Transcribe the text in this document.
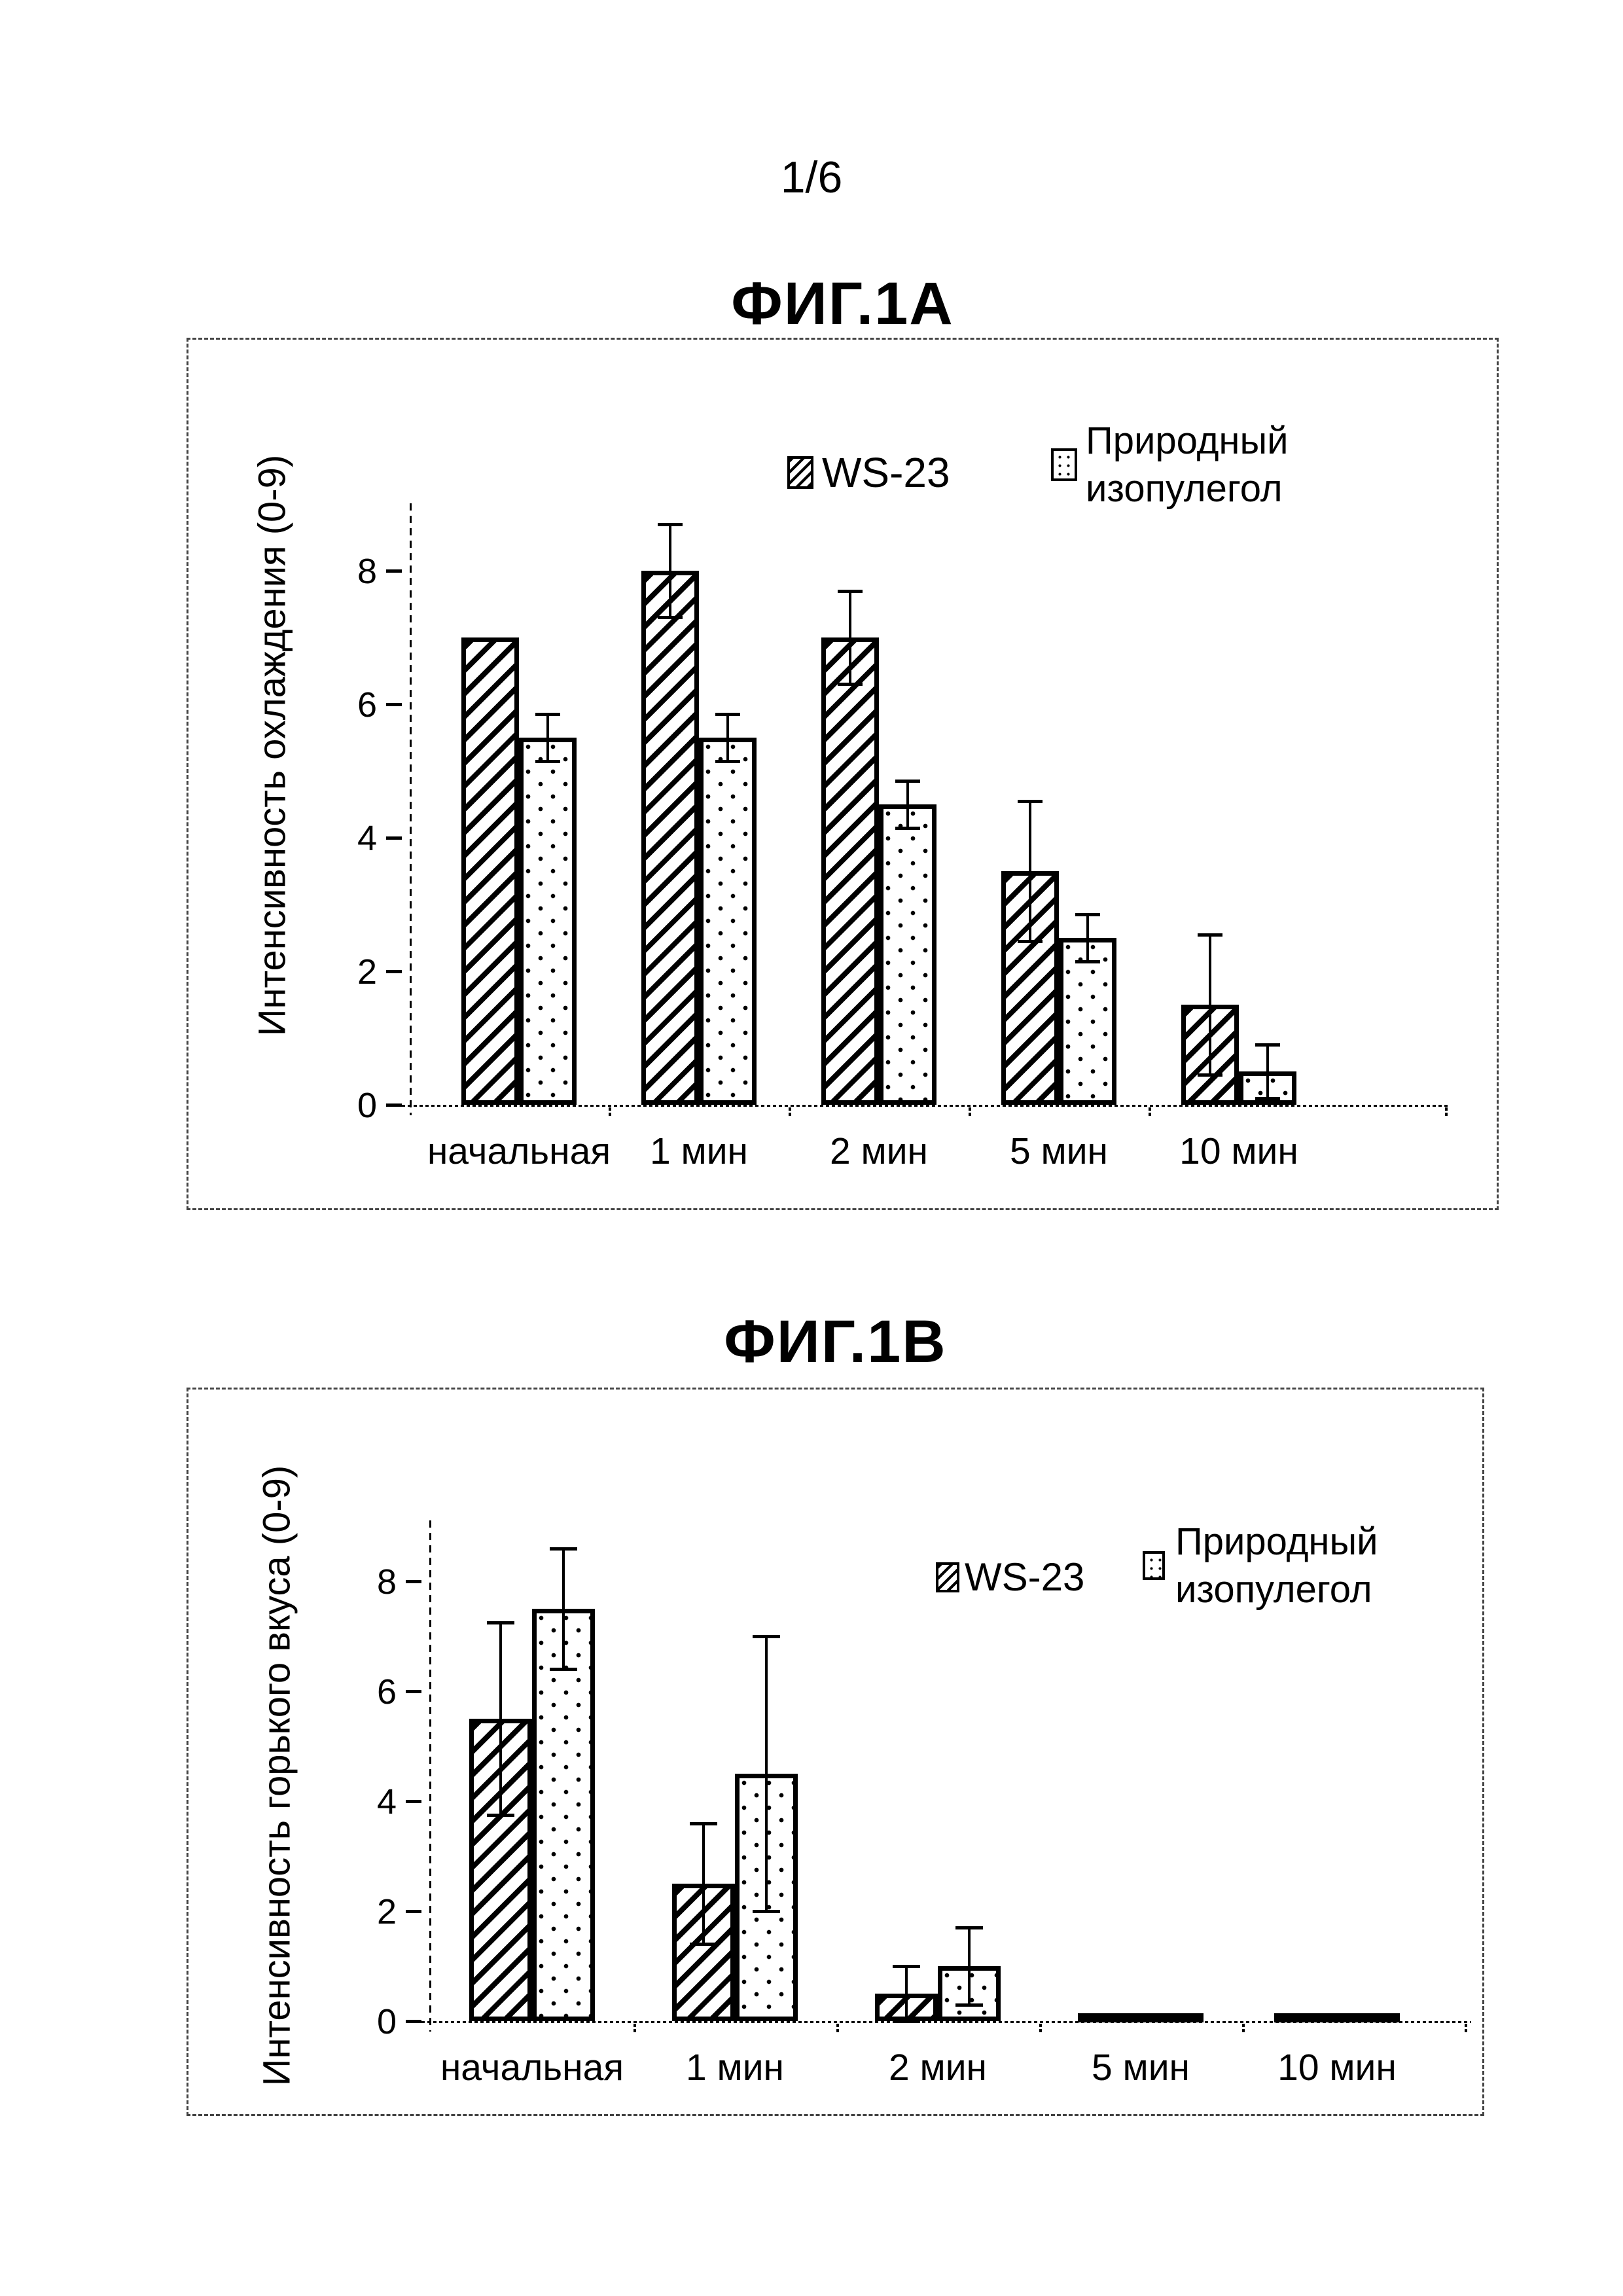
1/6
ФИГ.1А
0
2
4
6
8
начальная	1 мин	2 мин	5 мин	10 мин
Интенсивность охлаждения (0-9)	WS-23
Природный изопулегол
ФИГ.1В
0
2
4
6
8
начальная	1 мин	2 мин	5 мин	10 мин
Интенсивность горького вкуса (0-9)	WS-23
Природный изопулегол
